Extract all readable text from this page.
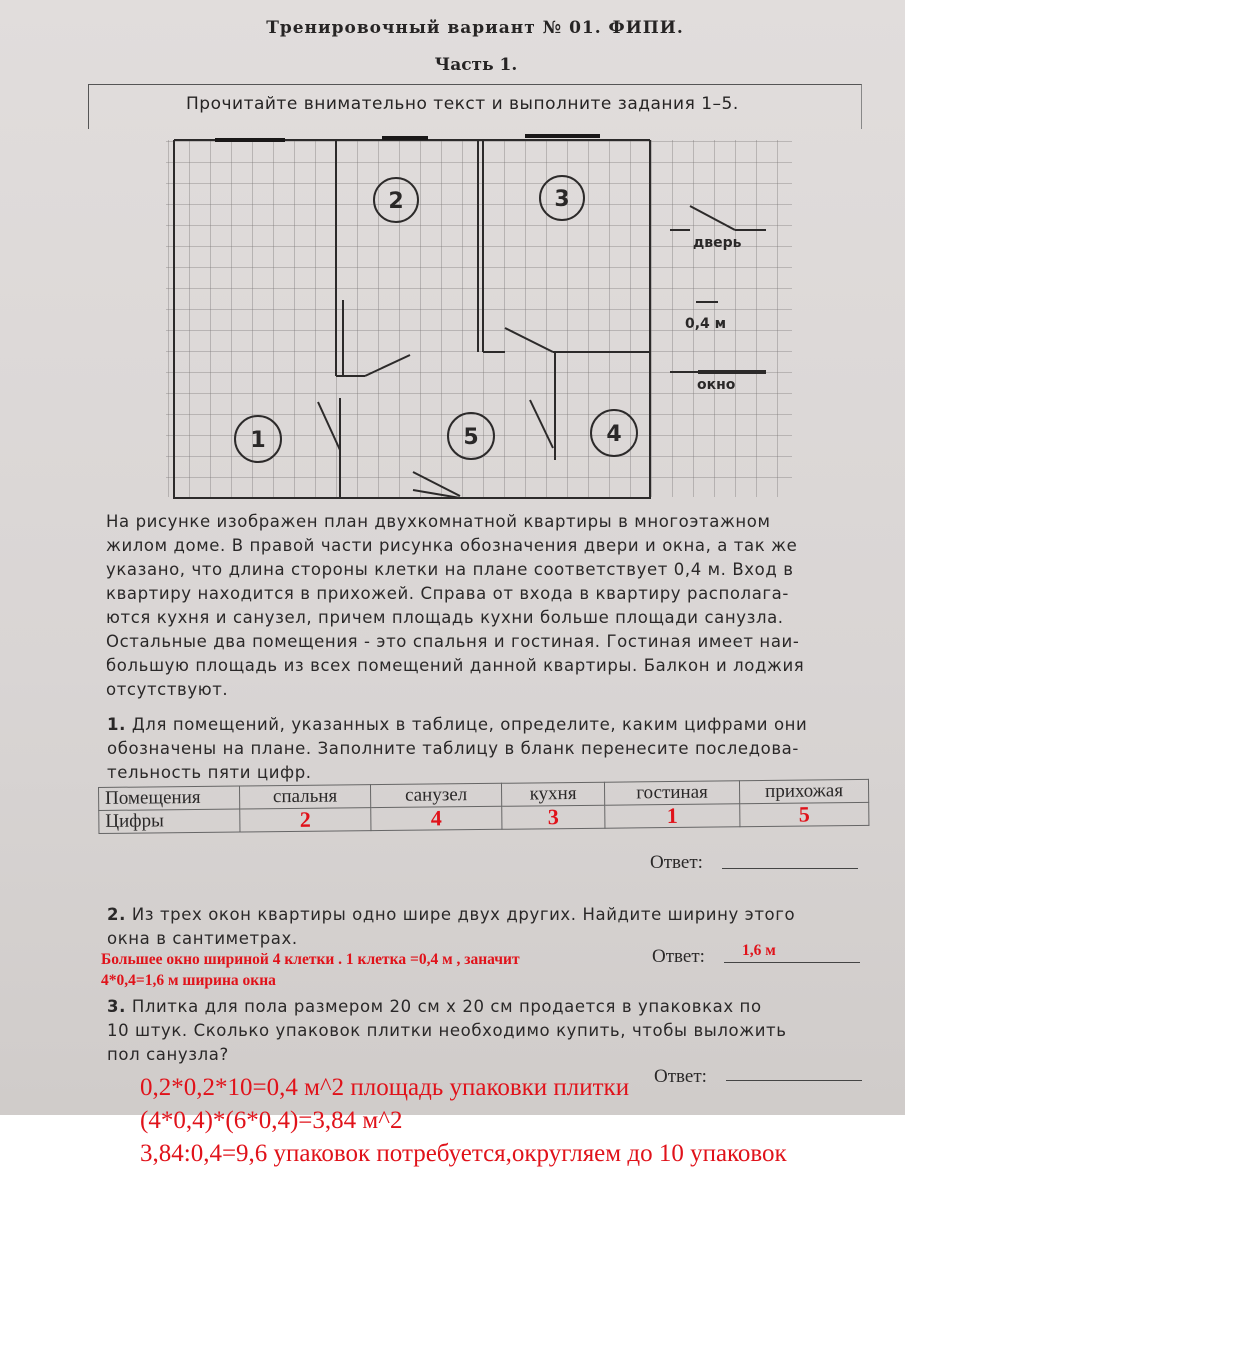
Тренировочный вариант № 01. ФИПИ.
Часть 1.
Прочитайте внимательно текст и выполните задания 1–5.
2	3
1	5	4
дверь
0,4 м
окно
На рисунке изображен план двухкомнатной квартиры в многоэтажном
жилом доме. В правой части рисунка обозначения двери и окна, а так же
указано, что длина стороны клетки на плане соответствует 0,4 м. Вход в
квартиру находится в прихожей. Справа от входа в квартиру располага-
ются кухня и санузел, причем площадь кухни больше площади санузла.
Остальные два помещения - это спальня и гостиная. Гостиная имеет наи-
большую площадь из всех помещений данной квартиры. Балкон и лоджия
отсутствуют.
1. Для помещений, указанных в таблице, определите, каким цифрами они
обозначены на плане. Заполните таблицу в бланк перенесите последова-
тельность пяти цифр.
Помещения	спальня	санузел	кухня	гостиная	прихожая
Цифры	2	4	3	1	5
Ответ:
2. Из трех окон квартиры одно шире двух других. Найдите ширину этого
окна в сантиметрах.
Большее окно шириной 4 клетки . 1 клетка =0,4 м , заначит
4*0,4=1,6 м ширина окна
Ответ: 1,6 м
3. Плитка для пола размером 20 см х 20 см продается в упаковках по
10 штук. Сколько упаковок плитки необходимо купить, чтобы выложить
пол санузла?
Ответ:
0,2*0,2*10=0,4 м^2 площадь упаковки плитки
(4*0,4)*(6*0,4)=3,84 м^2
3,84:0,4=9,6 упаковок потребуется,округляем до 10 упаковок
